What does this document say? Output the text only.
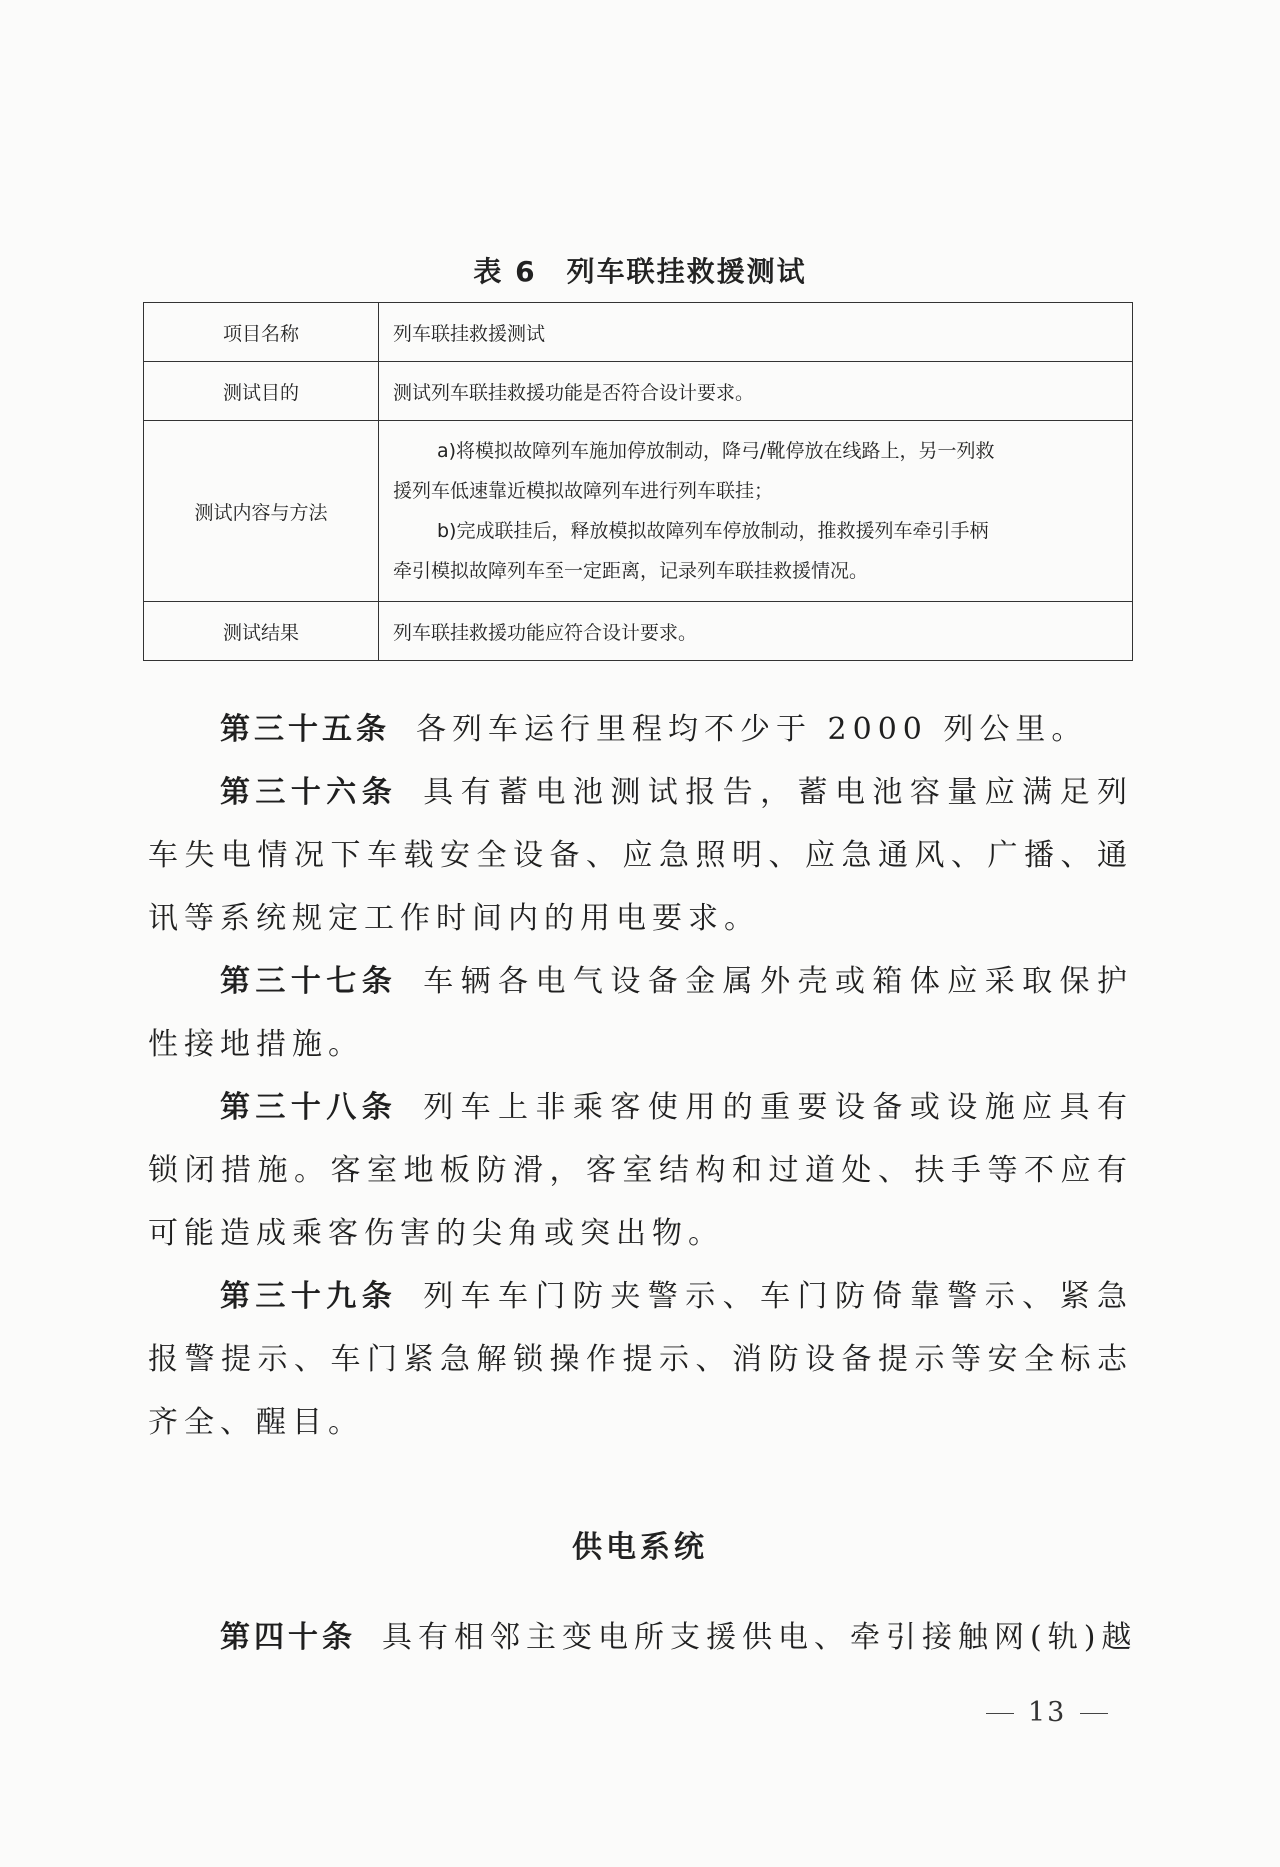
表 6 列车联挂救援测试
项目名称	列车联挂救援测试
测试目的	测试列车联挂救援功能是否符合设计要求。
测试内容与方法	a)将模拟故障列车施加停放制动，降弓/靴停放在线路上，另一列救
援列车低速靠近模拟故障列车进行列车联挂；
b)完成联挂后，释放模拟故障列车停放制动，推救援列车牵引手柄
牵引模拟故障列车至一定距离，记录列车联挂救援情况。

测试结果	列车联挂救援功能应符合设计要求。

第三十五条 各列车运行里程均不少于 2000 列公里。

第三十六条 具有蓄电池测试报告，蓄电池容量应满足列车失电情况下车载安全设备、应急照明、应急通风、广播、通讯等系统规定工作时间内的用电要求。

第三十七条 车辆各电气设备金属外壳或箱体应采取保护性接地措施。

第三十八条 列车上非乘客使用的重要设备或设施应具有锁闭措施。客室地板防滑，客室结构和过道处、扶手等不应有可能造成乘客伤害的尖角或突出物。

第三十九条 列车车门防夹警示、车门防倚靠警示、紧急报警提示、车门紧急解锁操作提示、消防设备提示等安全标志齐全、醒目。

供电系统
第四十条 具有相邻主变电所支援供电、牵引接触网(轨)越
13
